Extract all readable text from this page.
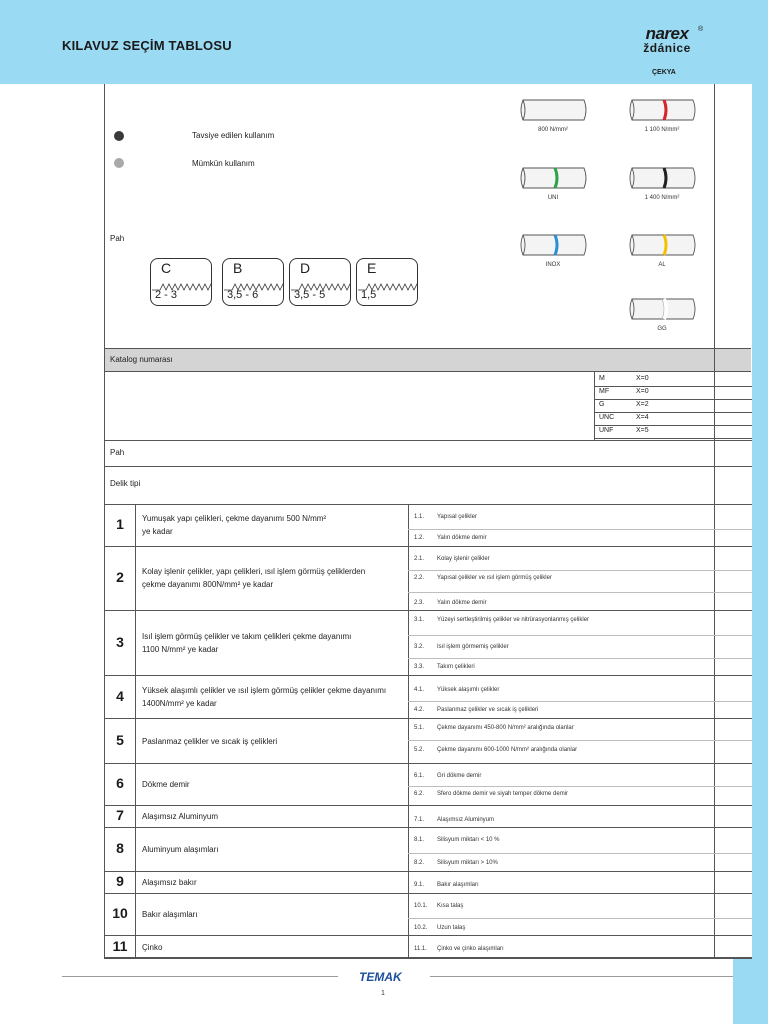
KILAVUZ SEÇİM TABLOSU
narex
ždánice
®
ÇEKYA
Tavsiye edilen kullanım
Mümkün kullanım
Pah
C
2 - 3
B
3,5 - 6
D
3,5 - 5
E
1,5
800 N/mm²	1 100 N/mm²
UNI	1 400 N/mm²
INOX	AL
GG
Katalog numarası
M	X=0
MF	X=0
G	X=2
UNC	X=4
UNF	X=5
Pah
Delik tipi
1	Yumuşak yapı çelikleri, çekme dayanımı 500 N/mm²
ye kadar
1.1. Yapısal çelikler
1.2. Yalın dökme demir
2	Kolay işlenir çelikler, yapı çelikleri, ısıl işlem görmüş çeliklerden
çekme dayanımı 800N/mm² ye kadar
2.1. Kolay işlenir çelikler
2.2. Yapısal çelikler ve ısıl işlem görmüş çelikler
2.3. Yalın dökme demir
3	Isıl işlem görmüş çelikler ve takım çelikleri çekme dayanımı
1100 N/mm² ye kadar
3.1. Yüzeyi sertleştirilmiş çelikler ve nitrürasyonlanmış çelikler
3.2. Isıl işlem görmemiş çelikler
3.3. Takım çelikleri
4	Yüksek alaşımlı çelikler ve ısıl işlem görmüş çelikler çekme dayanımı
1400N/mm² ye kadar
4.1. Yüksek alaşımlı çelikler
4.2. Paslanmaz çelikler ve sıcak iş çelikleri
5	Paslanmaz çelikler ve sıcak iş çelikleri
5.1. Çekme dayanımı 450-800 N/mm² aralığında olanlar
5.2. Çekme dayanımı 600-1000 N/mm² aralığında olanlar
6	Dökme demir
6.1. Gri dökme demir
6.2. Sfero dökme demir ve siyah temper dökme demir
7	Alaşımsız Aluminyum	7.1. Alaşımsız Aluminyum
8	Aluminyum alaşımları
8.1. Silisyum miktarı < 10 %
8.2. Silisyum miktarı > 10%
9	Alaşımsız bakır	9.1. Bakır alaşımları
10	Bakır alaşımları
10.1. Kısa talaş
10.2. Uzun talaş
11	Çinko	11.1. Çinko ve çinko alaşımları
TEMAK
1
